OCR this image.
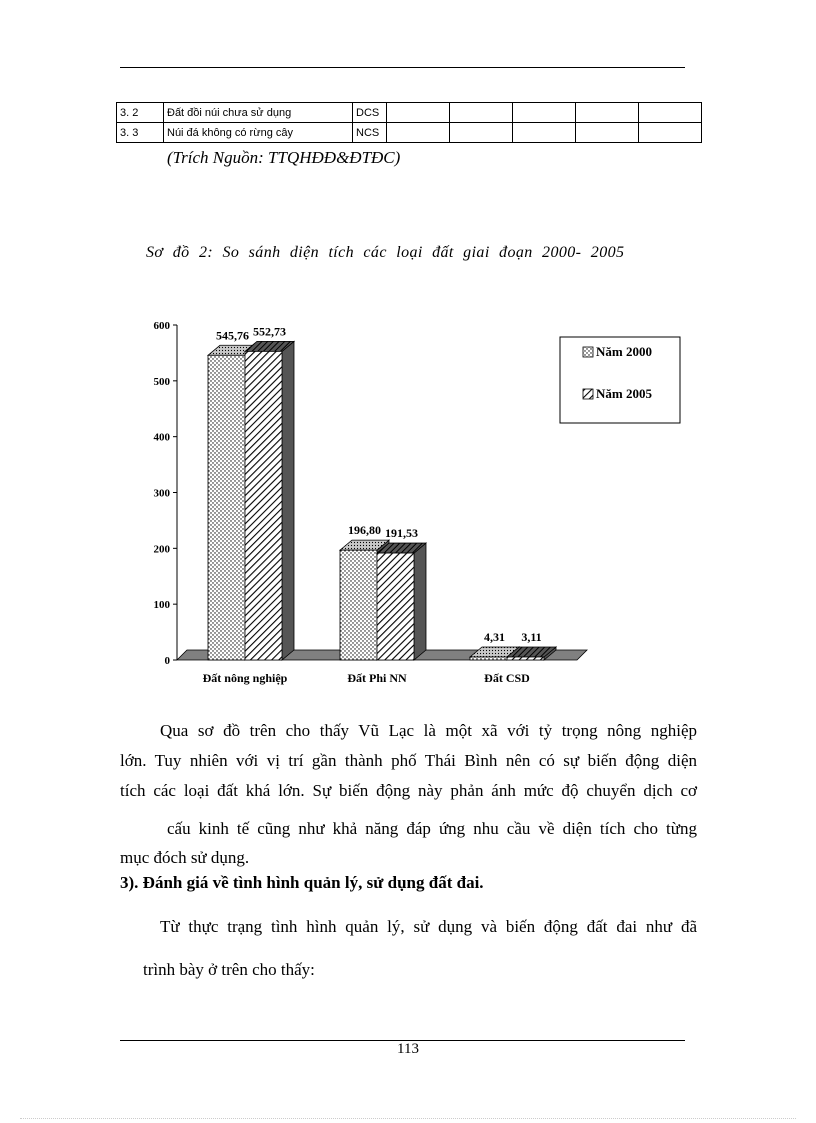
3. 2	Đất đồi núi chưa sử dụng	DCS					
3. 3	Núi đá không có rừng cây	NCS					
(Trích Nguồn: TTQHĐĐ&ĐTĐC)
Sơ đồ 2: So sánh diện tích các loại đất giai đoạn 2000- 2005
0
100
200
300
400
500
600
545,76 552,73
Đất nông nghiệp
196,80 191,53
Đất Phi NN
4,31 3,11
Đất CSD
Năm 2000
Năm 2005
Qua sơ đồ trên cho thấy Vũ Lạc là một xã với tỷ trọng nông nghiệp
lớn. Tuy nhiên với vị trí gần thành phố Thái Bình nên có sự biến động diện
tích các loại đất khá lớn. Sự biến động này phản ánh mức độ chuyển dịch cơ
cấu kinh tế cũng như khả năng đáp ứng nhu cầu về diện tích cho từng
mục đóch sử dụng.
3). Đánh giá về tình hình quản lý, sử dụng đất đai.
Từ thực trạng tình hình quản lý, sử dụng và biến động đất đai như đã
trình bày ở trên cho thấy:
113
